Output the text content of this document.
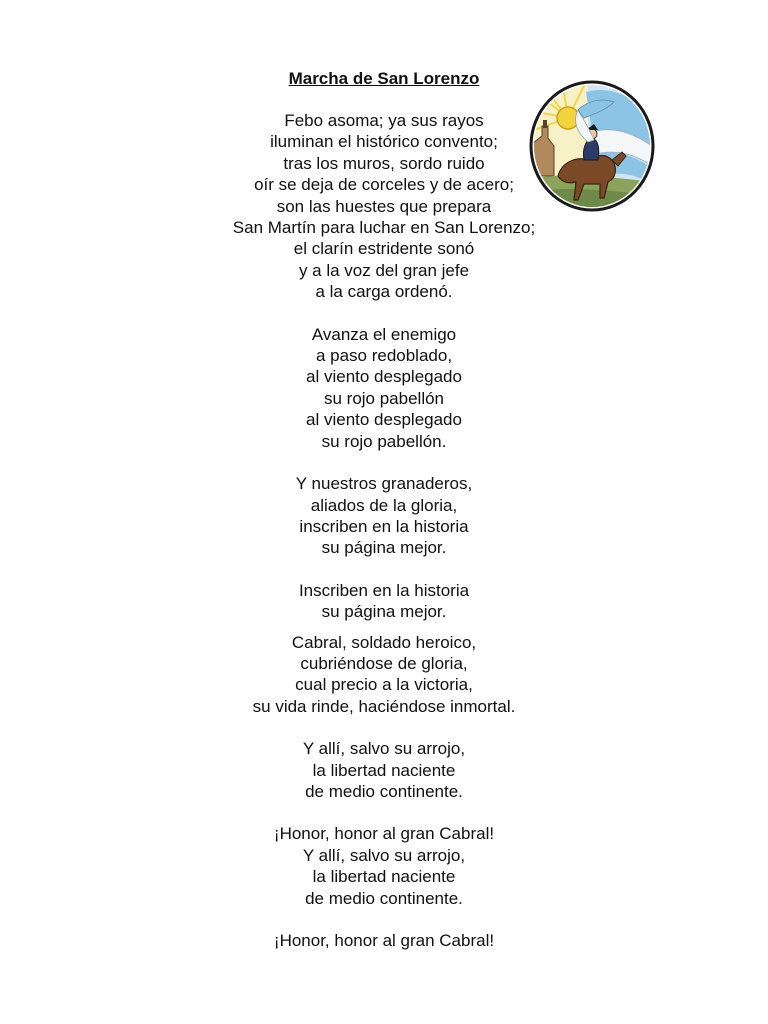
Marcha de San Lorenzo
Febo asoma; ya sus rayos
iluminan el histórico convento;
tras los muros, sordo ruido
oír se deja de corceles y de acero;
son las huestes que prepara
San Martín para luchar en San Lorenzo;
el clarín estridente sonó
y a la voz del gran jefe
a la carga ordenó.
Avanza el enemigo
a paso redoblado,
al viento desplegado
su rojo pabellón
al viento desplegado
su rojo pabellón.
Y nuestros granaderos,
aliados de la gloria,
inscriben en la historia
su página mejor.
Inscriben en la historia
su página mejor.
Cabral, soldado heroico,
cubriéndose de gloria,
cual precio a la victoria,
su vida rinde, haciéndose inmortal.
Y allí, salvo su arrojo,
la libertad naciente
de medio continente.
¡Honor, honor al gran Cabral!
Y allí, salvo su arrojo,
la libertad naciente
de medio continente.
¡Honor, honor al gran Cabral!
